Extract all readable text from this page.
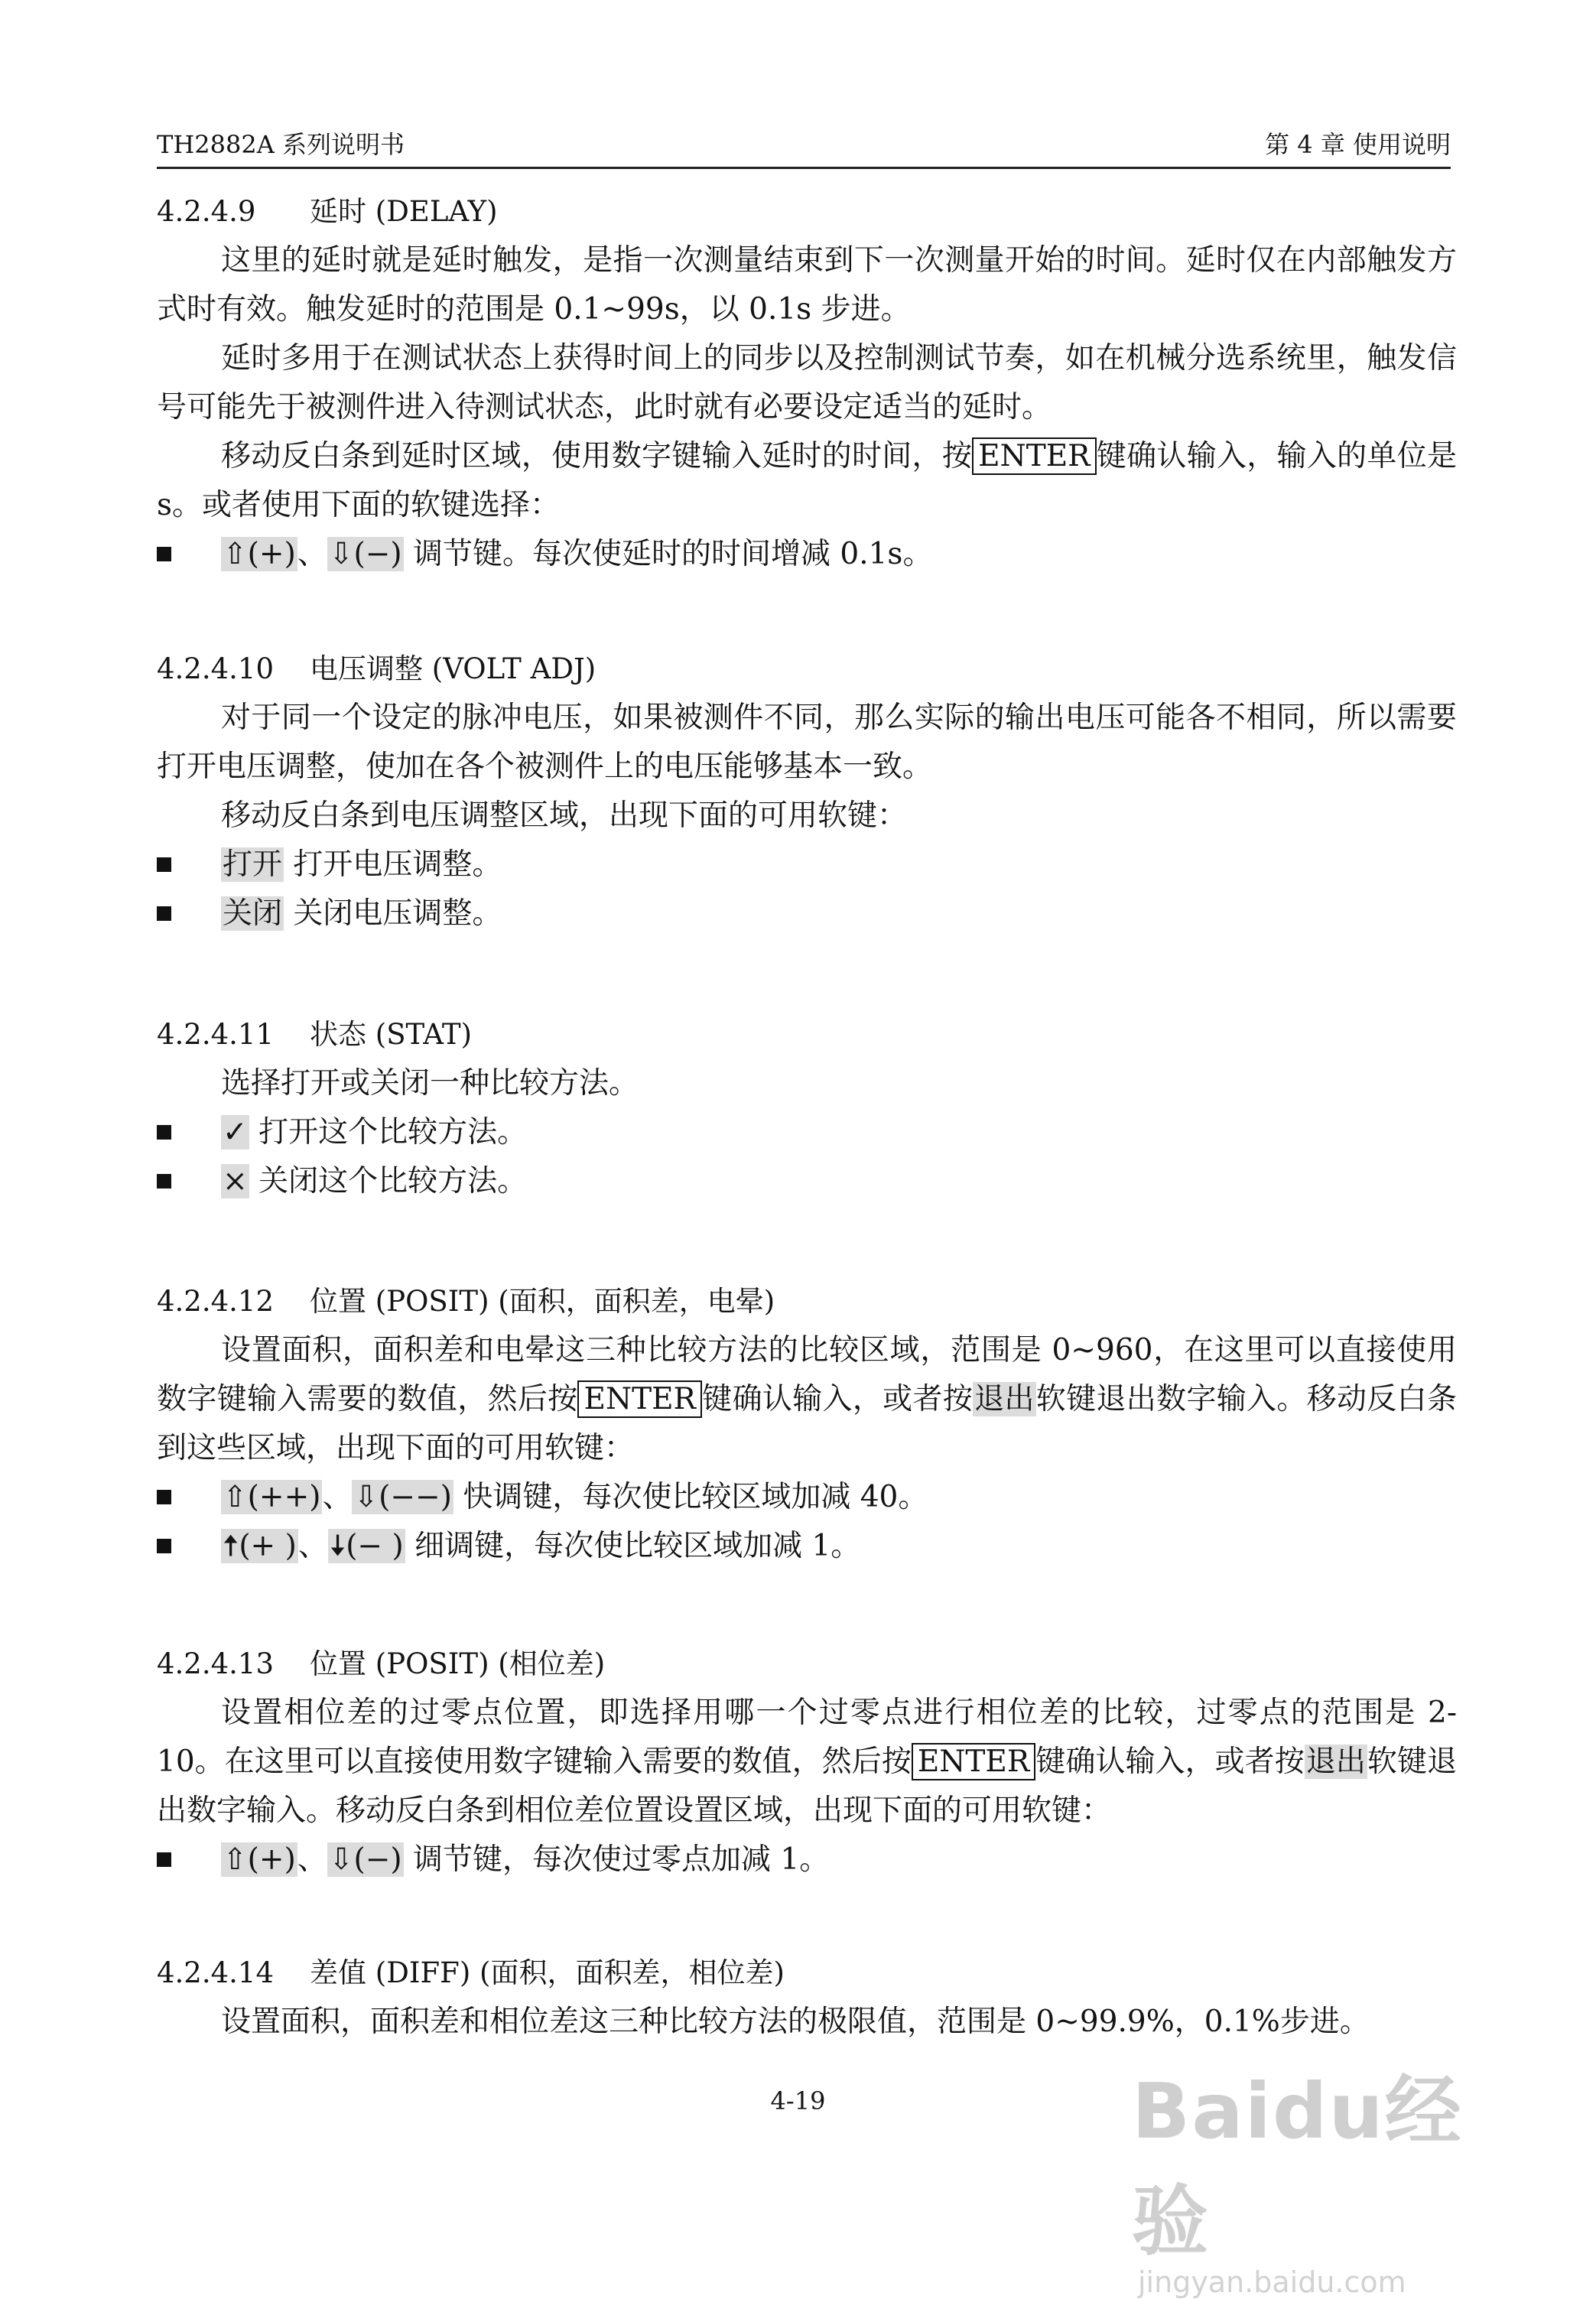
TH2882A 系列说明书	第 4 章 使用说明
4.2.4.9 延时 (DELAY)

这里的延时就是延时触发，是指一次测量结束到下一次测量开始的时间。延时仅在内部触发方式时有效。触发延时的范围是 0.1~99s，以 0.1s 步进。

延时多用于在测试状态上获得时间上的同步以及控制测试节奏，如在机械分选系统里，触发信号可能先于被测件进入待测试状态，此时就有必要设定适当的延时。

移动反白条到延时区域，使用数字键输入延时的时间，按 ENTER 键确认输入，输入的单位是 s。或者使用下面的软键选择：

⇧(+)、⇩(−) 调节键。每次使延时的时间增减 0.1s。
4.2.4.10 电压调整 (VOLT ADJ)

对于同一个设定的脉冲电压，如果被测件不同，那么实际的输出电压可能各不相同，所以需要打开电压调整，使加在各个被测件上的电压能够基本一致。

移动反白条到电压调整区域，出现下面的可用软键：

打开 打开电压调整。
关闭 关闭电压调整。
4.2.4.11 状态 (STAT)

选择打开或关闭一种比较方法。

✓ 打开这个比较方法。
× 关闭这个比较方法。
4.2.4.12 位置 (POSIT) (面积，面积差，电晕)

设置面积，面积差和电晕这三种比较方法的比较区域，范围是 0~960，在这里可以直接使用数字键输入需要的数值，然后按 ENTER 键确认输入，或者按退出软键退出数字输入。移动反白条到这些区域，出现下面的可用软键：

⇧(++)、⇩(−−) 快调键，每次使比较区域加减 40。
🠅(+ )、🠇(− ) 细调键，每次使比较区域加减 1。
4.2.4.13 位置 (POSIT) (相位差)

设置相位差的过零点位置，即选择用哪一个过零点进行相位差的比较，过零点的范围是 2-10。在这里可以直接使用数字键输入需要的数值，然后按 ENTER 键确认输入，或者按退出软键退出数字输入。移动反白条到相位差位置设置区域，出现下面的可用软键：

⇧(+)、⇩(−) 调节键，每次使过零点加减 1。
4.2.4.14 差值 (DIFF) (面积，面积差，相位差)

设置面积，面积差和相位差这三种比较方法的极限值，范围是 0~99.9%，0.1%步进。

4-19	Baidu经验
jingyan.baidu.com
